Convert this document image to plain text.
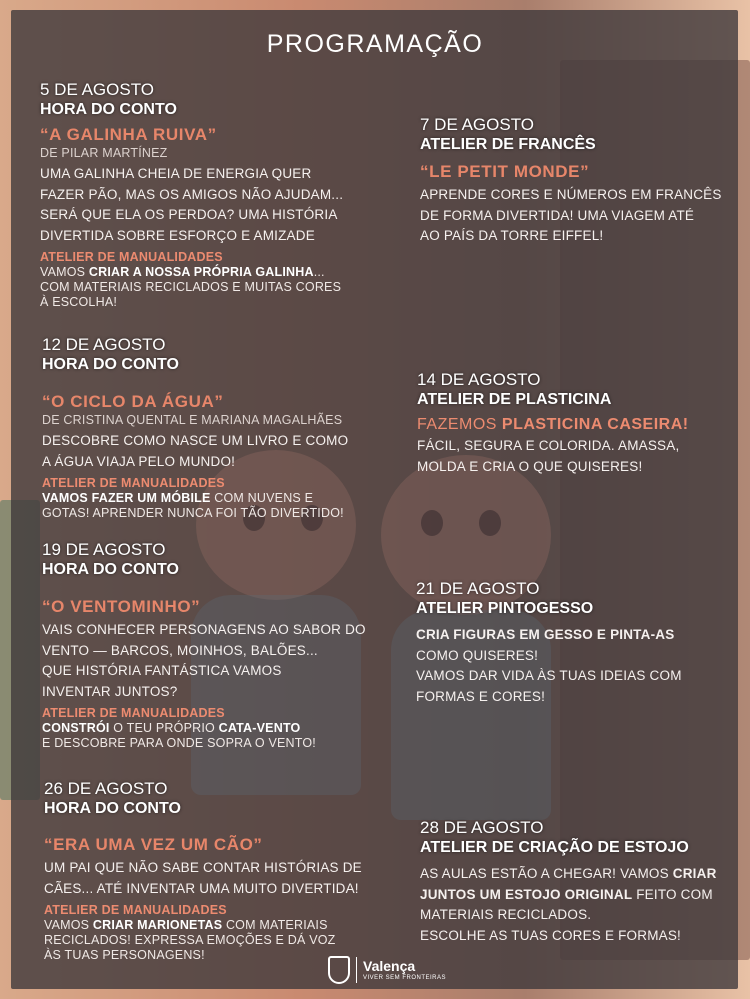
PROGRAMAÇÃO
5 DE AGOSTO
HORA DO CONTO
“A GALINHA RUIVA”
DE PILAR MARTÍNEZ
UMA GALINHA CHEIA DE ENERGIA QUER
FAZER PÃO, MAS OS AMIGOS NÃO AJUDAM...
SERÁ QUE ELA OS PERDOA? UMA HISTÓRIA
DIVERTIDA SOBRE ESFORÇO E AMIZADE
ATELIER DE MANUALIDADES
VAMOS CRIAR A NOSSA PRÓPRIA GALINHA...
COM MATERIAIS RECICLADOS E MUITAS CORES
À ESCOLHA!
12 DE AGOSTO
HORA DO CONTO
“O CICLO DA ÁGUA”
DE CRISTINA QUENTAL E MARIANA MAGALHÃES
DESCOBRE COMO NASCE UM LIVRO E COMO
A ÁGUA VIAJA PELO MUNDO!
ATELIER DE MANUALIDADES
VAMOS FAZER UM MÓBILE COM NUVENS E
GOTAS! APRENDER NUNCA FOI TÃO DIVERTIDO!
19 DE AGOSTO
HORA DO CONTO
“O VENTOMINHO”
VAIS CONHECER PERSONAGENS AO SABOR DO
VENTO — BARCOS, MOINHOS, BALÕES...
QUE HISTÓRIA FANTÁSTICA VAMOS
INVENTAR JUNTOS?
ATELIER DE MANUALIDADES
CONSTRÓI O TEU PRÓPRIO CATA-VENTO
E DESCOBRE PARA ONDE SOPRA O VENTO!
26 DE AGOSTO
HORA DO CONTO
“ERA UMA VEZ UM CÃO”
UM PAI QUE NÃO SABE CONTAR HISTÓRIAS DE
CÃES... ATÉ INVENTAR UMA MUITO DIVERTIDA!
ATELIER DE MANUALIDADES
VAMOS CRIAR MARIONETAS COM MATERIAIS
RECICLADOS! EXPRESSA EMOÇÕES E DÁ VOZ
ÀS TUAS PERSONAGENS!
7 DE AGOSTO
ATELIER DE FRANCÊS
“LE PETIT MONDE”
APRENDE CORES E NÚMEROS EM FRANCÊS
DE FORMA DIVERTIDA! UMA VIAGEM ATÉ
AO PAÍS DA TORRE EIFFEL!
14 DE AGOSTO
ATELIER DE PLASTICINA
FAZEMOS PLASTICINA CASEIRA!
FÁCIL, SEGURA E COLORIDA. AMASSA,
MOLDA E CRIA O QUE QUISERES!
21 DE AGOSTO
ATELIER PINTOGESSO
CRIA FIGURAS EM GESSO E PINTA-AS
COMO QUISERES!
VAMOS DAR VIDA ÀS TUAS IDEIAS COM
FORMAS E CORES!
28 DE AGOSTO
ATELIER DE CRIAÇÃO DE ESTOJO
AS AULAS ESTÃO A CHEGAR! VAMOS CRIAR
JUNTOS UM ESTOJO ORIGINAL FEITO COM
MATERIAIS RECICLADOS.
ESCOLHE AS TUAS CORES E FORMAS!
Valença
VIVER SEM FRONTEIRAS
